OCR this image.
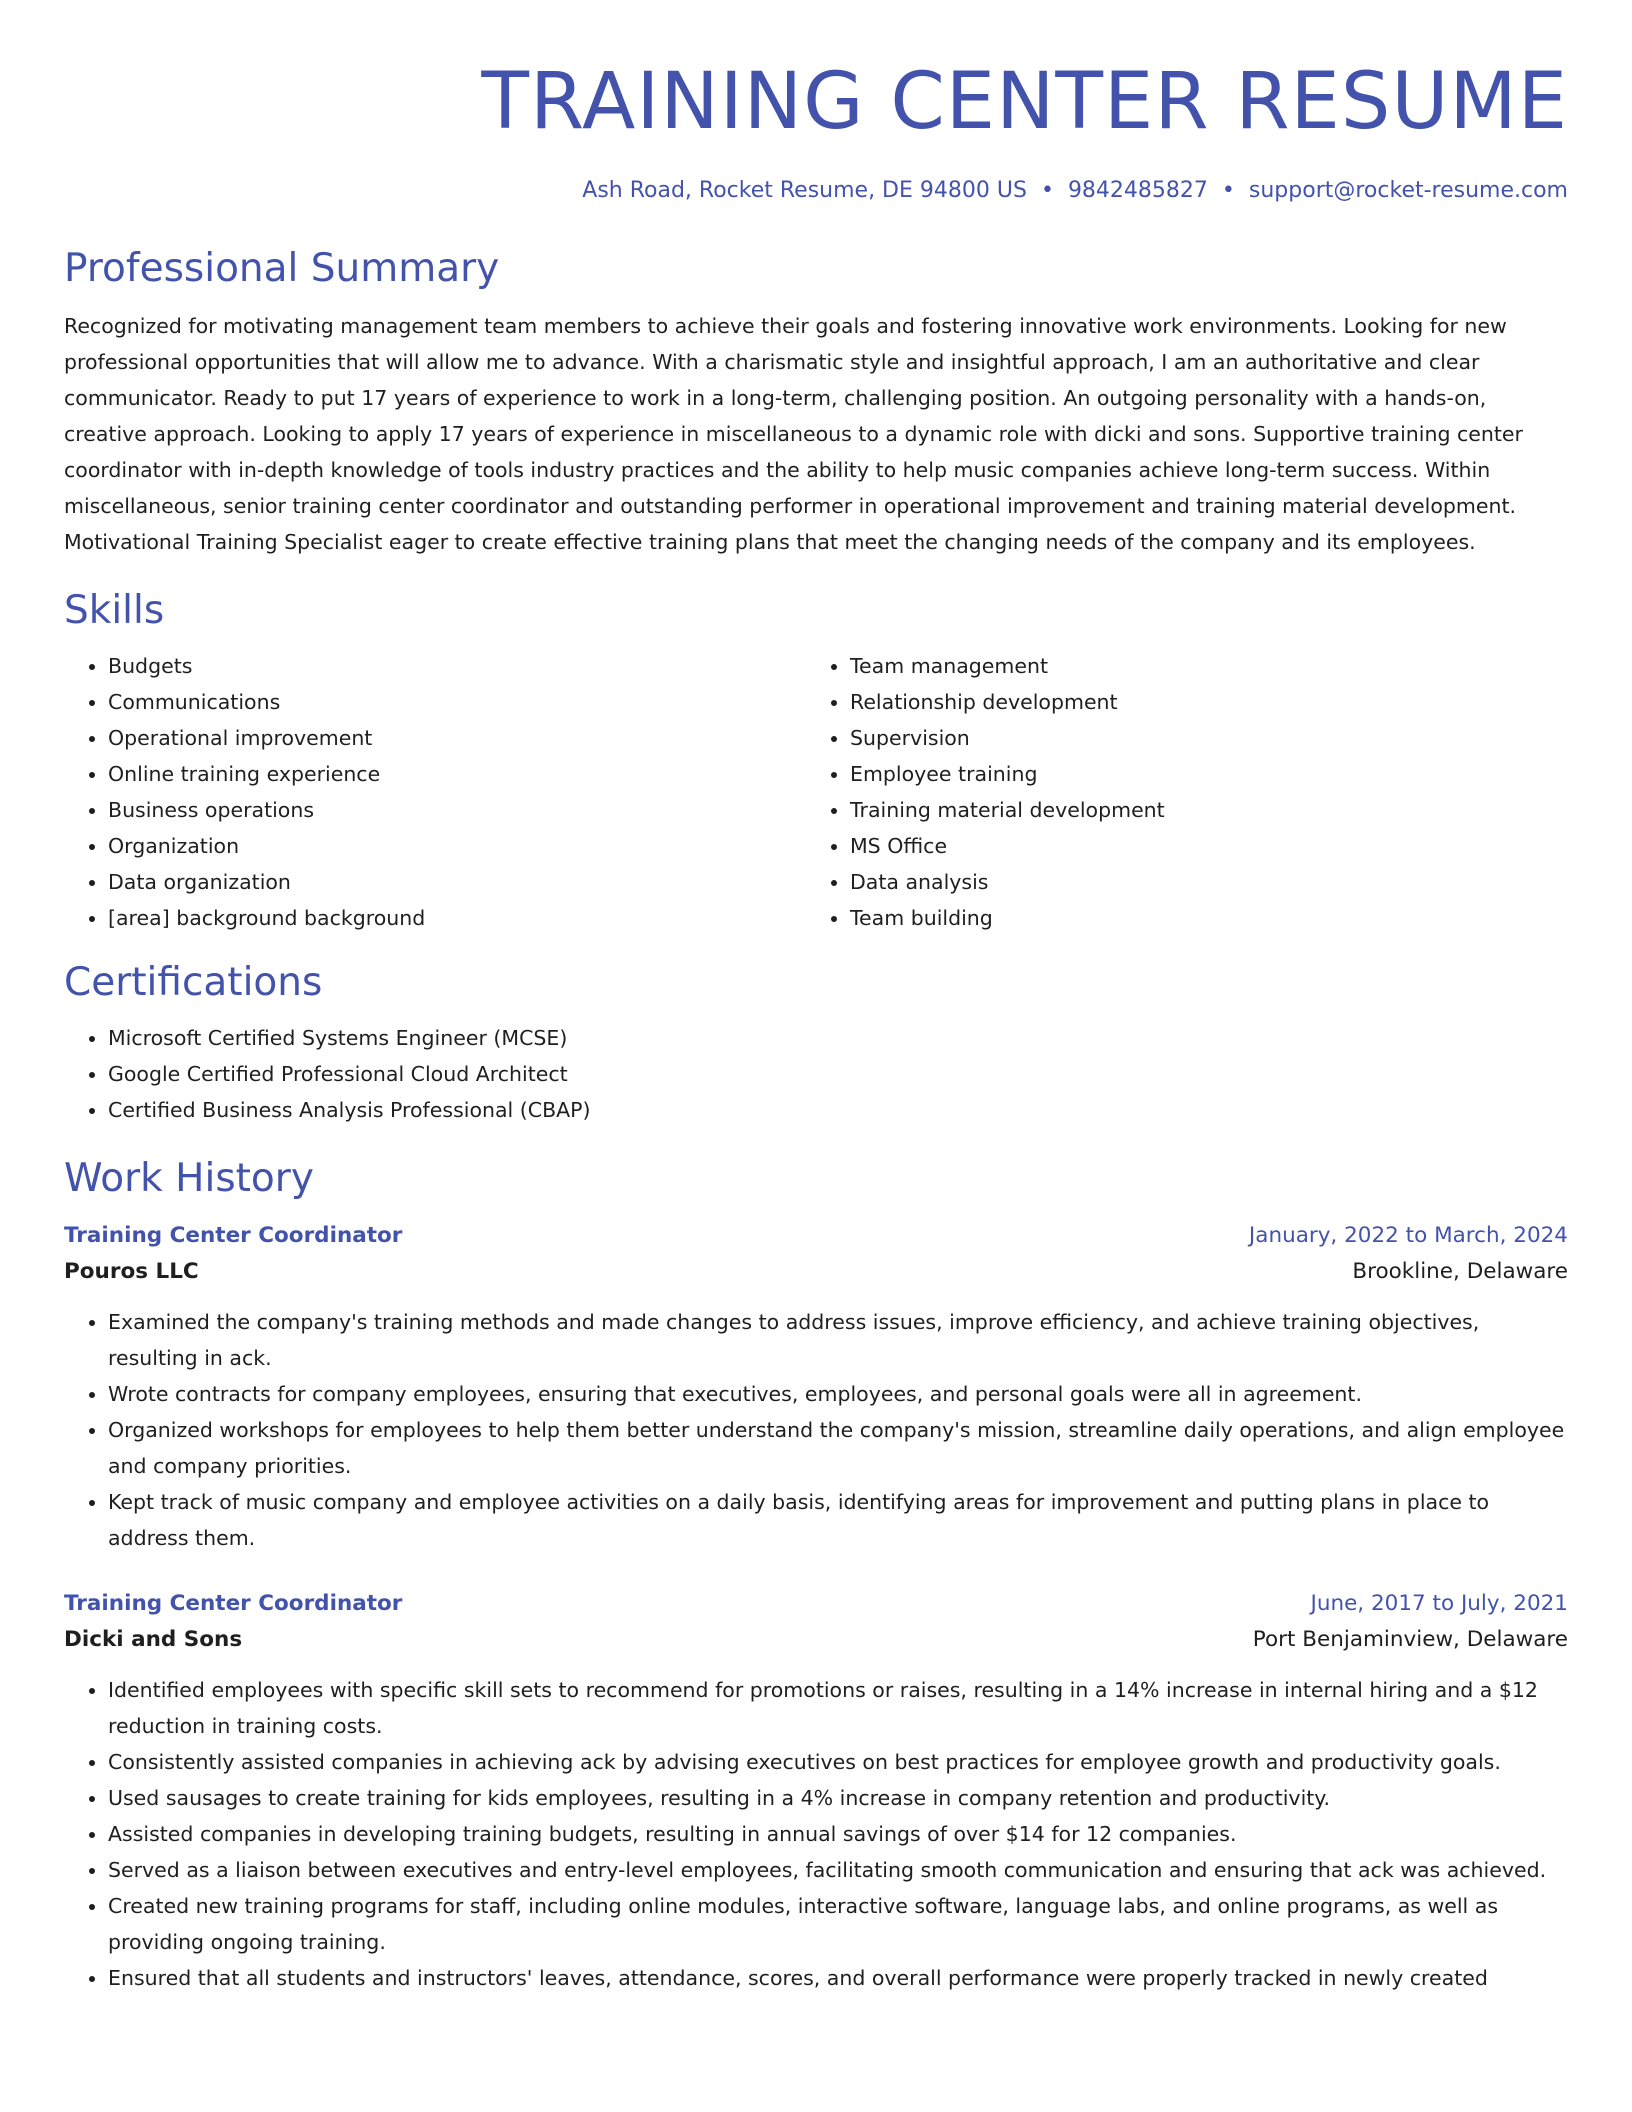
TRAINING CENTER RESUME
Ash Road, Rocket Resume, DE 94800 US • 9842485827 • support@rocket-resume.com
Professional Summary
Recognized for motivating management team members to achieve their goals and fostering innovative work environments. Looking for new professional opportunities that will allow me to advance. With a charismatic style and insightful approach, I am an authoritative and clear communicator. Ready to put 17 years of experience to work in a long-term, challenging position. An outgoing personality with a hands-on, creative approach. Looking to apply 17 years of experience in miscellaneous to a dynamic role with dicki and sons. Supportive training center coordinator with in-depth knowledge of tools industry practices and the ability to help music companies achieve long-term success. Within miscellaneous, senior training center coordinator and outstanding performer in operational improvement and training material development. Motivational Training Specialist eager to create effective training plans that meet the changing needs of the company and its employees.
Skills
• Budgets
• Communications
• Operational improvement
• Online training experience
• Business operations
• Organization
• Data organization
• [area] background background
• Team management
• Relationship development
• Supervision
• Employee training
• Training material development
• MS Office
• Data analysis
• Team building
Certifications
• Microsoft Certified Systems Engineer (MCSE)
• Google Certified Professional Cloud Architect
• Certified Business Analysis Professional (CBAP)
Work History
Training Center Coordinator	January, 2022 to March, 2024
Pouros LLC	Brookline, Delaware
• Examined the company's training methods and made changes to address issues, improve efficiency, and achieve training objectives, resulting in ack.
• Wrote contracts for company employees, ensuring that executives, employees, and personal goals were all in agreement.
• Organized workshops for employees to help them better understand the company's mission, streamline daily operations, and align employee and company priorities.
• Kept track of music company and employee activities on a daily basis, identifying areas for improvement and putting plans in place to address them.
Training Center Coordinator	June, 2017 to July, 2021
Dicki and Sons	Port Benjaminview, Delaware
• Identified employees with specific skill sets to recommend for promotions or raises, resulting in a 14% increase in internal hiring and a $12 reduction in training costs.
• Consistently assisted companies in achieving ack by advising executives on best practices for employee growth and productivity goals.
• Used sausages to create training for kids employees, resulting in a 4% increase in company retention and productivity.
• Assisted companies in developing training budgets, resulting in annual savings of over $14 for 12 companies.
• Served as a liaison between executives and entry-level employees, facilitating smooth communication and ensuring that ack was achieved.
• Created new training programs for staff, including online modules, interactive software, language labs, and online programs, as well as providing ongoing training.
• Ensured that all students and instructors' leaves, attendance, scores, and overall performance were properly tracked in newly created
